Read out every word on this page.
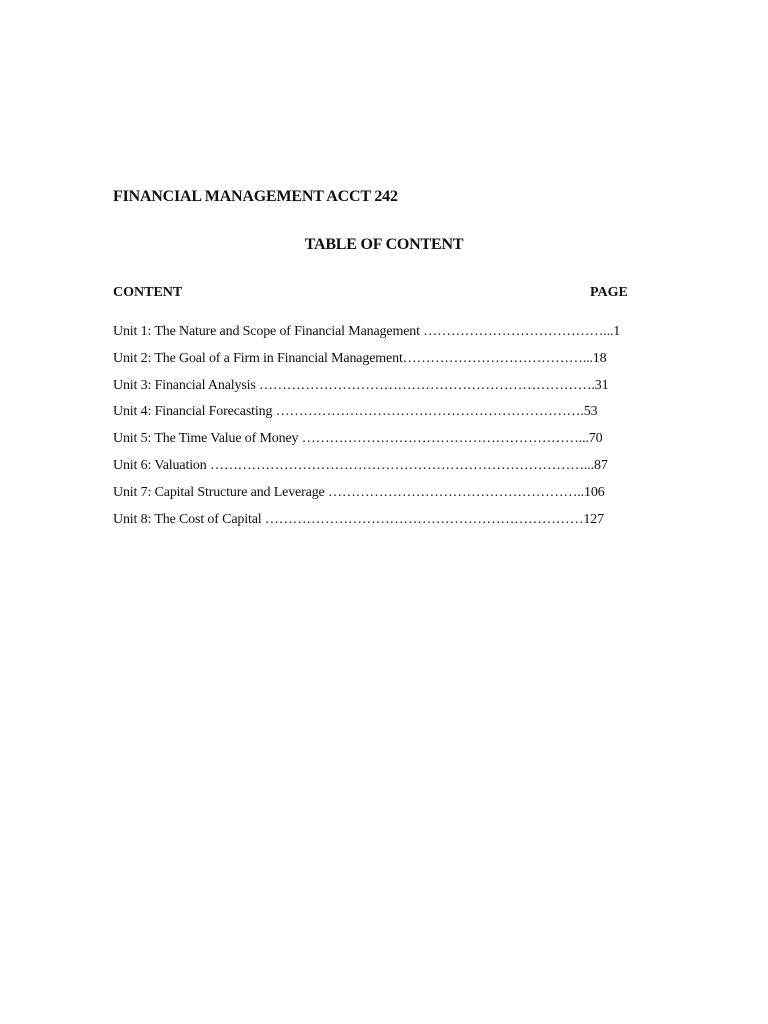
FINANCIAL MANAGEMENT ACCT 242
TABLE OF CONTENT
CONTENT	PAGE
Unit 1: The Nature and Scope of Financial Management …………………………………...1
Unit 2: The Goal of a Firm in Financial Management…………………………………...18
Unit 3: Financial Analysis ……………………………………………………………….31
Unit 4: Financial Forecasting ………………………………………………………….53
Unit 5: The Time Value of Money ……………………………………………………...70
Unit 6: Valuation ………………………………………………………………………...87
Unit 7: Capital Structure and Leverage ………………………………………………..106
Unit 8: The Cost of Capital ……………………………………………………………127
